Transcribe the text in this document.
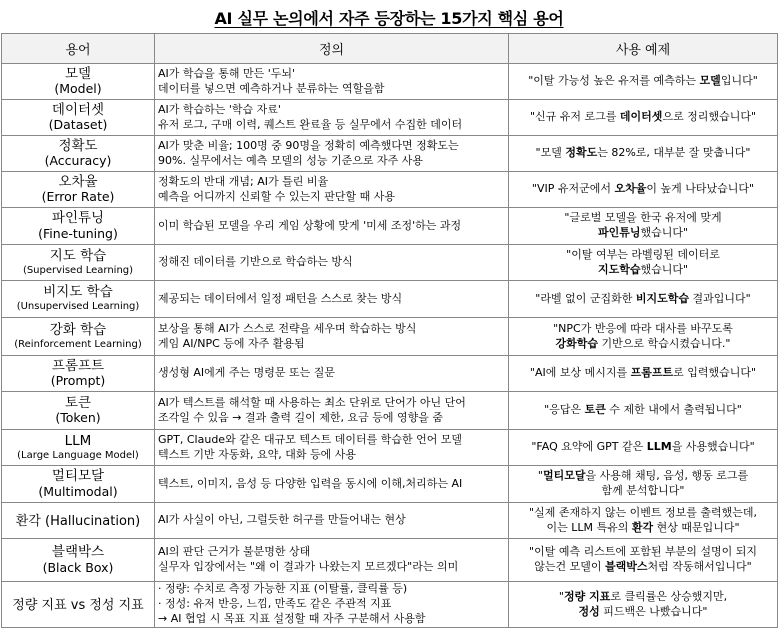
AI 실무 논의에서 자주 등장하는 15가지 핵심 용어
용어	정의	사용 예제

모델
(Model)	AI가 학습을 통해 만든 '두뇌'
데이터를 넣으면 예측하거나 분류하는 역할을함	"이탈 가능성 높은 유저를 예측하는 모델입니다"

데이터셋
(Dataset)	AI가 학습하는 '학습 자료'
유저 로그, 구매 이력, 퀘스트 완료율 등 실무에서 수집한 데이터	"신규 유저 로그를 데이터셋으로 정리했습니다"

정확도
(Accuracy)	AI가 맞춘 비율; 100명 중 90명을 정확히 예측했다면 정확도는
90%. 실무에서는 예측 모델의 성능 기준으로 자주 사용	"모델 정확도는 82%로, 대부분 잘 맞춥니다"

오차율
(Error Rate)	정확도의 반대 개념; AI가 틀린 비율
예측을 어디까지 신뢰할 수 있는지 판단할 때 사용	"VIP 유저군에서 오차율이 높게 나타났습니다"

파인튜닝
(Fine-tuning)	이미 학습된 모델을 우리 게임 상황에 맞게 '미세 조정'하는 과정	"글로벌 모델을 한국 유저에 맞게
파인튜닝했습니다"

지도 학습
(Supervised Learning)	정해진 데이터를 기반으로 학습하는 방식	"이탈 여부는 라벨링된 데이터로
지도학습했습니다"

비지도 학습
(Unsupervised Learning)	제공되는 데이터에서 일정 패턴을 스스로 찾는 방식	"라벨 없이 군집화한 비지도학습 결과입니다"

강화 학습
(Reinforcement Learning)	보상을 통해 AI가 스스로 전략을 세우며 학습하는 방식
게임 AI/NPC 등에 자주 활용됨	"NPC가 반응에 따라 대사를 바꾸도록
강화학습 기반으로 학습시켰습니다."

프롬프트
(Prompt)	생성형 AI에게 주는 명령문 또는 질문	"AI에 보상 메시지를 프롬프트로 입력했습니다"

토큰
(Token)	AI가 텍스트를 해석할 때 사용하는 최소 단위로 단어가 아닌 단어
조각일 수 있음 → 결과 출력 길이 제한, 요금 등에 영향을 줌	"응답은 토큰 수 제한 내에서 출력됩니다"

LLM
(Large Language Model)	GPT, Claude와 같은 대규모 텍스트 데이터를 학습한 언어 모델
텍스트 기반 자동화, 요약, 대화 등에 사용	"FAQ 요약에 GPT 같은 LLM을 사용했습니다"

멀티모달
(Multimodal)	텍스트, 이미지, 음성 등 다양한 입력을 동시에 이해,처리하는 AI	"멀티모달을 사용해 채팅, 음성, 행동 로그를
함께 분석합니다"

환각 (Hallucination)	AI가 사실이 아닌, 그럴듯한 허구를 만들어내는 현상	"실제 존재하지 않는 이벤트 정보를 출력했는데,
이는 LLM 특유의 환각 현상 때문입니다"

블랙박스
(Black Box)	AI의 판단 근거가 불분명한 상태
실무자 입장에서는 "왜 이 결과가 나왔는지 모르겠다"라는 의미	"이탈 예측 리스트에 포함된 부분의 설명이 되지
않는건 모델이 블랙박스처럼 작동해서입니다"

정량 지표 vs 정성 지표	· 정량: 수치로 측정 가능한 지표 (이탈률, 클릭률 등)
· 정성: 유저 반응, 느낌, 만족도 같은 주관적 지표
→ AI 협업 시 목표 지표 설정할 때 자주 구분해서 사용함	"정량 지표로 클릭률은 상승했지만,
정성 피드백은 나빴습니다"
